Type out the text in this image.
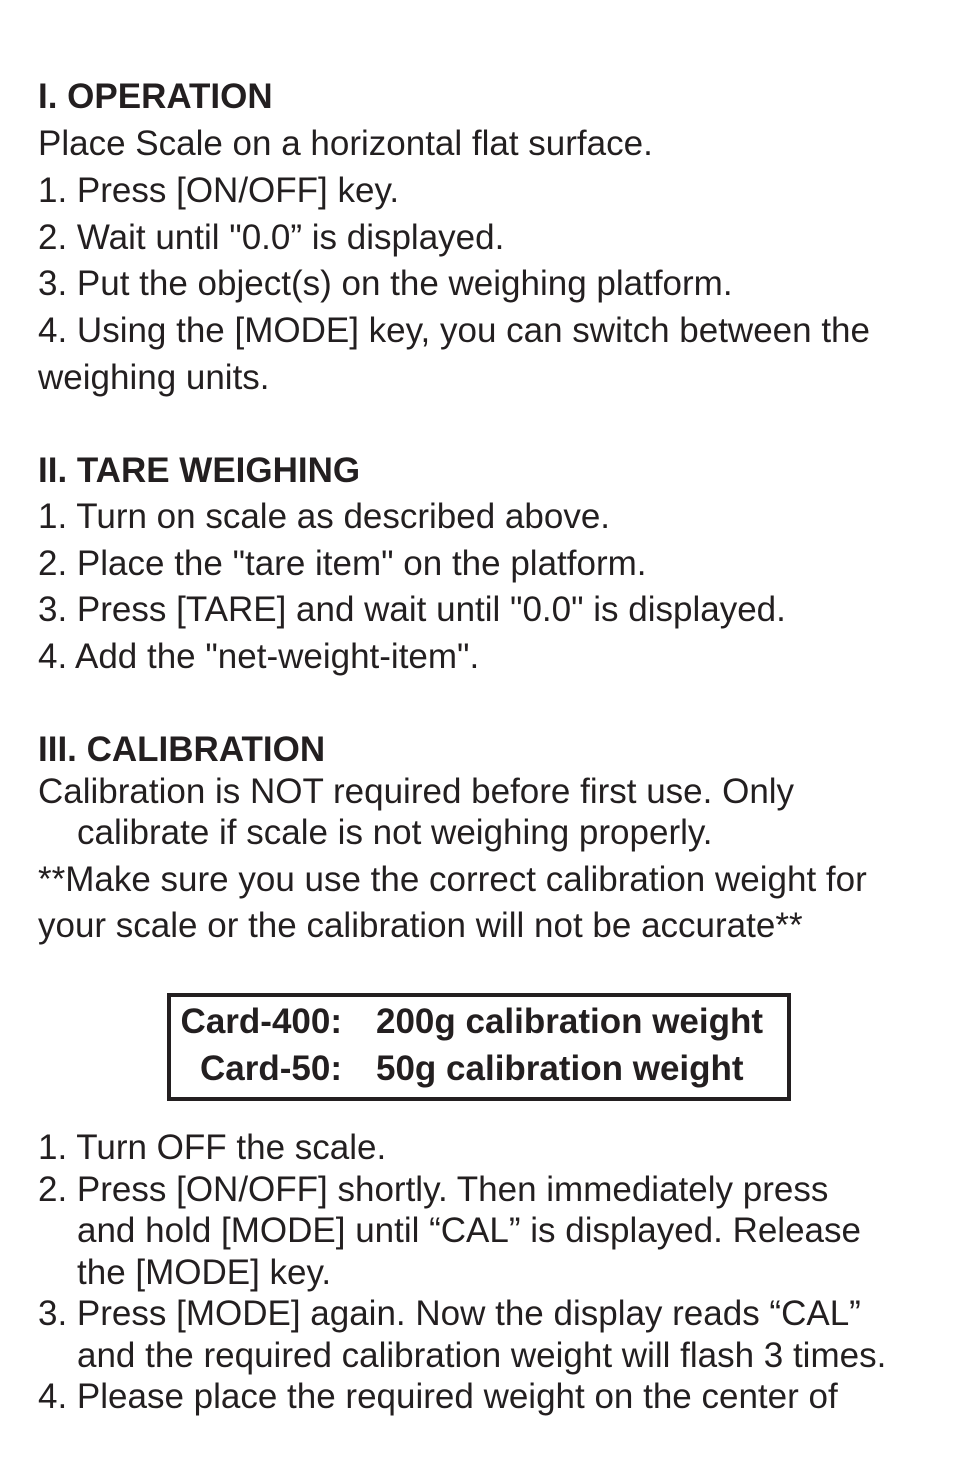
I. OPERATION
Place Scale on a horizontal flat surface.
1. Press [ON/OFF] key.
2. Wait until "0.0” is displayed.
3. Put the object(s) on the weighing platform.
4. Using the [MODE] key, you can switch between the
weighing units.
II. TARE WEIGHING
1. Turn on scale as described above.
2. Place the "tare item" on the platform.
3. Press [TARE] and wait until "0.0" is displayed.
4. Add the "net-weight-item".
III. CALIBRATION
Calibration is NOT required before first use. Only
calibrate if scale is not weighing properly.
**Make sure you use the correct calibration weight for
your scale or the calibration will not be accurate**
Card-400: 200g calibration weight
Card-50: 50g calibration weight
1. Turn OFF the scale.
2. Press [ON/OFF] shortly. Then immediately press
and hold [MODE] until “CAL” is displayed. Release
the [MODE] key.
3. Press [MODE] again. Now the display reads “CAL”
and the required calibration weight will flash 3 times.
4. Please place the required weight on the center of
